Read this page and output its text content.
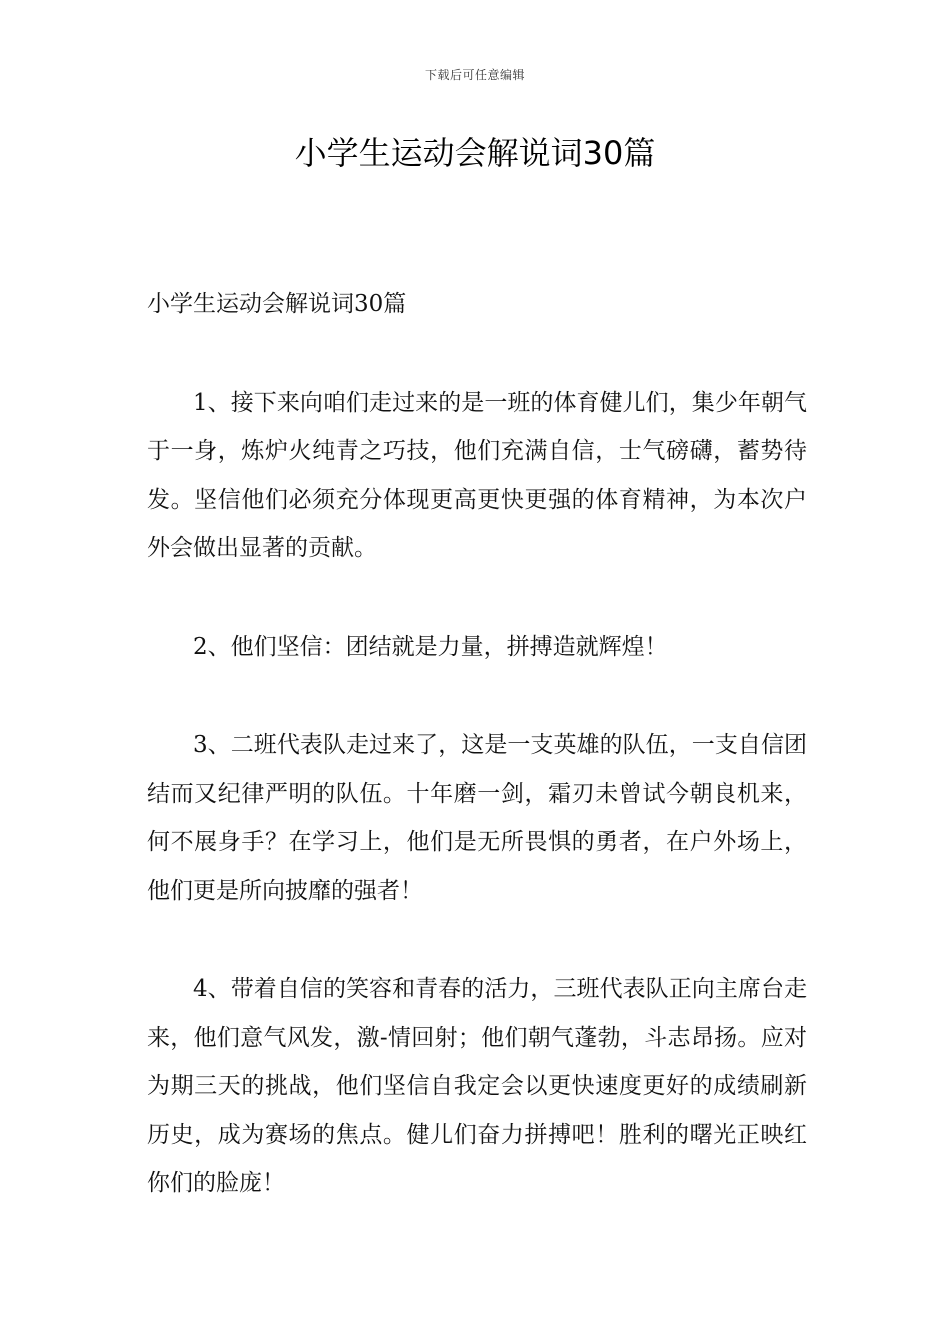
下载后可任意编辑
小学生运动会解说词30篇

小学生运动会解说词30篇

1、接下来向咱们走过来的是一班的体育健儿们，集少年朝气于一身，炼炉火纯青之巧技，他们充满自信，士气磅礴，蓄势待发。坚信他们必须充分体现更高更快更强的体育精神，为本次户外会做出显著的贡献。

2、他们坚信：团结就是力量，拼搏造就辉煌！

3、二班代表队走过来了，这是一支英雄的队伍，一支自信团结而又纪律严明的队伍。十年磨一剑，霜刃未曾试今朝良机来，何不展身手？在学习上，他们是无所畏惧的勇者，在户外场上，他们更是所向披靡的强者！

4、带着自信的笑容和青春的活力，三班代表队正向主席台走来，他们意气风发，激-情回射；他们朝气蓬勃，斗志昂扬。应对为期三天的挑战，他们坚信自我定会以更快速度更好的成绩刷新历史，成为赛场的焦点。健儿们奋力拼搏吧！胜利的曙光正映红你们的脸庞！
